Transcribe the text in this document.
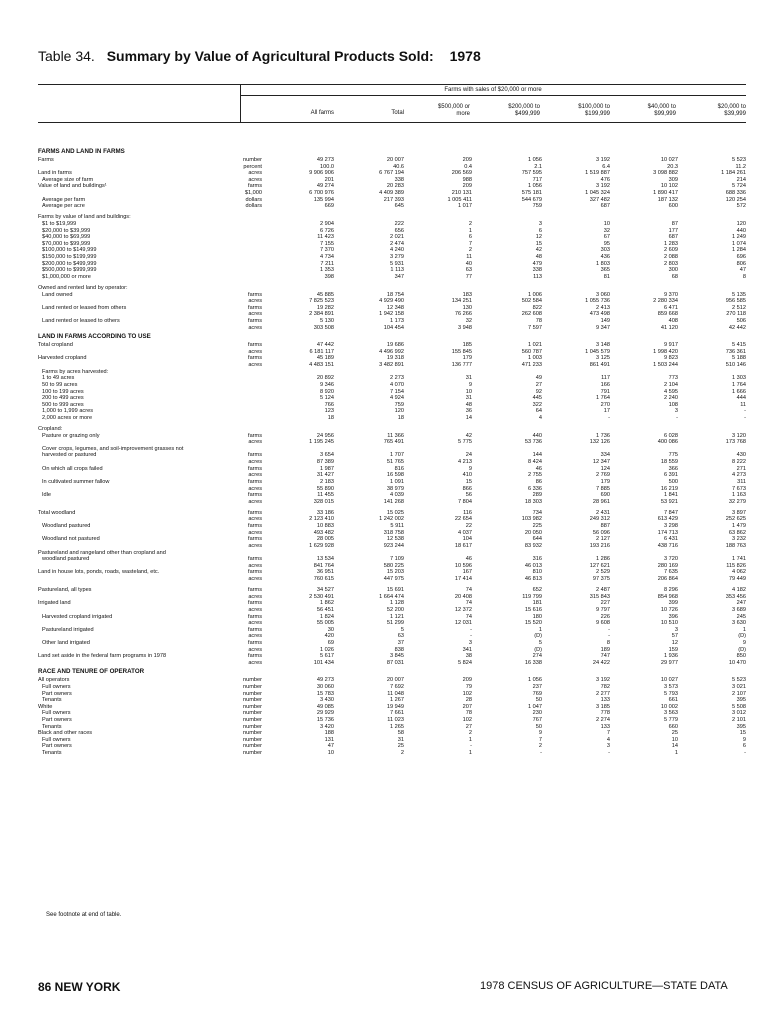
Table 34. Summary by Value of Agricultural Products Sold: 1978
Farms with sales of $20,000 or more
All farms	Total
$500,000 or
more
$200,000 to
$499,999
$100,000 to
$199,999
$40,000 to
$99,999
$20,000 to
$39,999
FARMS AND LAND IN FARMS
Farms	number	49 273	20 007	209	1 056	3 192	10 027	5 523
percent	100.0	40.6	0.4	2.1	6.4	20.3	11.2
Land in farms	acres	9 906 906	6 767 194	206 569	757 595	1 519 887	3 098 882	1 184 261
Average size of farm	acres	201	338	988	717	476	309	214
Value of land and buildings¹	farms	49 274	20 283	209	1 056	3 192	10 102	5 724
$1,000	6 700 976	4 409 389	210 131	575 181	1 045 324	1 890 417	688 336
Average per farm	dollars	135 994	217 393	1 005 411	544 679	327 482	187 132	120 254
Average per acre	dollars	669	645	1 017	759	687	600	572
Farms by value of land and buildings:
$1 to $19,999	2 904	222	2	3	10	87	120
$20,000 to $39,999	6 726	656	1	6	32	177	440
$40,000 to $69,999	11 423	2 021	6	12	67	687	1 249
$70,000 to $99,999	7 155	2 474	7	15	95	1 283	1 074
$100,000 to $149,999	7 370	4 240	2	42	303	2 609	1 284
$150,000 to $199,999	4 734	3 279	11	48	436	2 088	696
$200,000 to $499,999	7 211	5 931	40	479	1 803	2 803	806
$500,000 to $999,999	1 353	1 113	63	338	365	300	47
$1,000,000 or more	398	347	77	113	81	68	8
Owned and rented land by operator:
Land owned	farms	45 885	18 754	183	1 006	3 060	9 370	5 135
acres	7 825 523	4 929 490	134 251	502 584	1 055 736	2 280 334	956 585
Land rented or leased from others	farms	19 282	12 348	130	822	2 413	6 471	2 512
acres	2 384 891	1 942 158	76 266	262 608	473 498	859 668	270 118
Land rented or leased to others	farms	5 130	1 173	32	78	149	408	506
acres	303 508	104 454	3 948	7 597	9 347	41 120	42 442
LAND IN FARMS ACCORDING TO USE
Total cropland	farms	47 442	19 686	185	1 021	3 148	9 917	5 415
acres	6 181 117	4 496 992	155 845	560 787	1 045 579	1 998 420	736 361
Harvested cropland	farms	45 189	19 318	179	1 003	3 125	9 823	5 188
acres	4 483 151	3 482 891	136 777	471 233	861 491	1 503 244	510 146
Farms by acres harvested:
1 to 49 acres	20 892	2 273	31	49	117	773	1 303
50 to 99 acres	9 346	4 070	9	27	166	2 104	1 764
100 to 199 acres	8 920	7 154	10	92	791	4 595	1 666
200 to 499 acres	5 124	4 924	31	445	1 764	2 240	444
500 to 999 acres	766	759	48	322	270	108	11
1,000 to 1,999 acres	123	120	36	64	17	3	-
2,000 acres or more	18	18	14	4	-	-	-
Cropland:
Pasture or grazing only	farms	24 956	11 366	42	440	1 736	6 028	3 120
acres	1 195 245	765 491	5 775	53 736	132 126	400 086	173 768
Cover crops, legumes, and soil-improvement grasses not
harvested or pastured	farms	3 654	1 707	24	144	334	775	430
acres	87 389	51 765	4 213	8 424	12 347	18 559	8 222
On which all crops failed	farms	1 987	816	9	46	124	366	271
acres	31 427	16 598	410	2 755	2 769	6 391	4 273
In cultivated summer fallow	farms	2 183	1 091	15	86	179	500	311
acres	55 890	38 979	866	6 336	7 885	16 219	7 673
Idle	farms	11 455	4 039	56	289	690	1 841	1 163
acres	328 015	141 268	7 804	18 303	28 961	53 921	32 279
Total woodland	farms	33 186	15 025	116	734	2 431	7 847	3 897
acres	2 123 410	1 242 002	22 654	103 982	249 312	613 429	252 625
Woodland pastured	farms	10 883	5 911	22	225	887	3 298	1 479
acres	493 482	318 758	4 037	20 050	56 096	174 713	63 862
Woodland not pastured	farms	28 005	12 538	104	644	2 127	6 431	3 232
acres	1 629 928	923 244	18 617	83 932	193 216	438 716	188 763
Pastureland and rangeland other than cropland and
woodland pastured	farms	13 534	7 109	46	316	1 286	3 720	1 741
acres	841 764	580 225	10 596	46 013	127 621	280 169	115 826
Land in house lots, ponds, roads, wasteland, etc.	farms	36 951	15 203	167	810	2 529	7 635	4 062
acres	760 615	447 975	17 414	46 813	97 375	206 864	79 449
Pastureland, all types	farms	34 527	15 691	74	652	2 487	8 296	4 182
acres	2 530 491	1 664 474	20 408	119 799	315 843	854 968	353 456
Irrigated land	farms	1 862	1 128	74	181	227	399	247
acres	56 451	52 200	12 372	15 616	9 797	10 726	3 689
Harvested cropland irrigated	farms	1 824	1 121	74	180	226	396	245
acres	55 005	51 299	12 031	15 520	9 608	10 510	3 630
Pastureland irrigated	farms	30	5	-	1	-	3	1
acres	420	63	-	(D)	-	57	(D)
Other land irrigated	farms	69	37	3	5	8	12	9
acres	1 026	838	341	(D)	189	159	(D)
Land set aside in the federal farm programs in 1978	farms	5 617	3 845	38	274	747	1 936	850
acres	101 434	87 031	5 824	16 338	24 422	29 977	10 470
RACE AND TENURE OF OPERATOR
All operators	number	49 273	20 007	209	1 056	3 192	10 027	5 523
Full owners	number	30 060	7 692	79	237	782	3 573	3 021
Part owners	number	15 783	11 048	102	769	2 277	5 793	2 107
Tenants	number	3 430	1 267	28	50	133	661	395
White	number	49 085	19 949	207	1 047	3 185	10 002	5 508
Full owners	number	29 929	7 661	78	230	778	3 563	3 012
Part owners	number	15 736	11 023	102	767	2 274	5 779	2 101
Tenants	number	3 420	1 265	27	50	133	660	395
Black and other races	number	188	58	2	9	7	25	15
Full owners	number	131	31	1	7	4	10	9
Part owners	number	47	25	-	2	3	14	6
Tenants	number	10	2	1	-	-	1	-
See footnote at end of table.
86 NEW YORK	1978 CENSUS OF AGRICULTURE—STATE DATA
